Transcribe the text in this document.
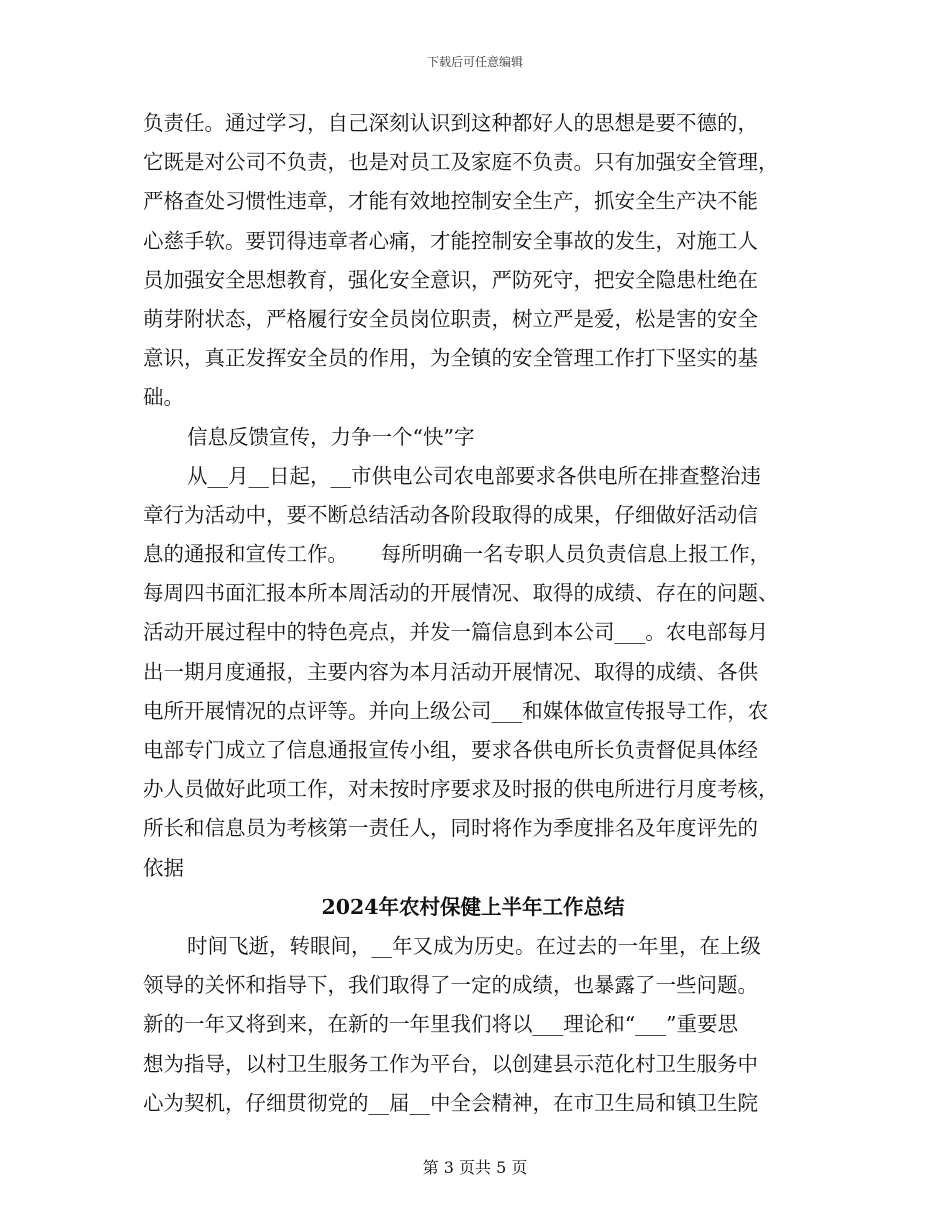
下载后可任意编辑
负责任。通过学习，自己深刻认识到这种都好人的思想是要不德的，
它既是对公司不负责，也是对员工及家庭不负责。只有加强安全管理，
严格查处习惯性违章，才能有效地控制安全生产，抓安全生产决不能
心慈手软。要罚得违章者心痛，才能控制安全事故的发生，对施工人
员加强安全思想教育，强化安全意识，严防死守，把安全隐患杜绝在
萌芽附状态，严格履行安全员岗位职责，树立严是爱，松是害的安全
意识，真正发挥安全员的作用，为全镇的安全管理工作打下坚实的基
础。
信息反馈宣传，力争一个“快”字
从__月__日起，__市供电公司农电部要求各供电所在排查整治违
章行为活动中，要不断总结活动各阶段取得的成果，仔细做好活动信
息的通报和宣传工作。     每所明确一名专职人员负责信息上报工作，
每周四书面汇报本所本周活动的开展情况、取得的成绩、存在的问题、
活动开展过程中的特色亮点，并发一篇信息到本公司___。农电部每月
出一期月度通报，主要内容为本月活动开展情况、取得的成绩、各供
电所开展情况的点评等。并向上级公司___和媒体做宣传报导工作，农
电部专门成立了信息通报宣传小组，要求各供电所长负责督促具体经
办人员做好此项工作，对未按时序要求及时报的供电所进行月度考核，
所长和信息员为考核第一责任人，同时将作为季度排名及年度评先的
依据
2024年农村保健上半年工作总结
时间飞逝，转眼间，__年又成为历史。在过去的一年里，在上级
领导的关怀和指导下，我们取得了一定的成绩，也暴露了一些问题。
新的一年又将到来，在新的一年里我们将以___理论和“___”重要思
想为指导，以村卫生服务工作为平台，以创建县示范化村卫生服务中
心为契机，仔细贯彻党的__届__中全会精神，在市卫生局和镇卫生院
第 3 页共 5 页
